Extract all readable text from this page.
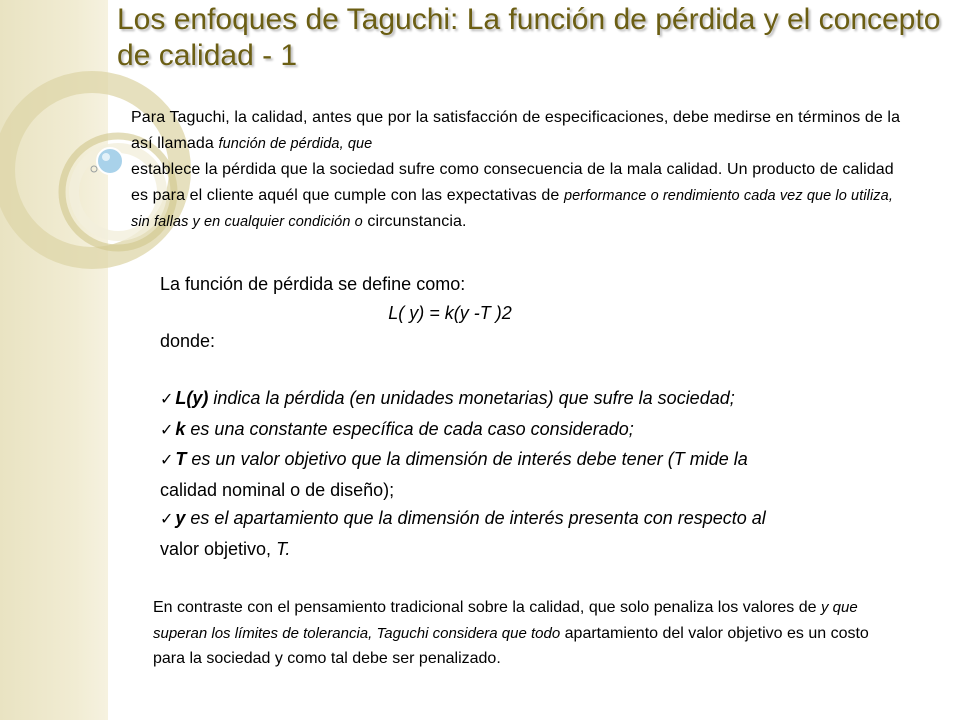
Los enfoques de Taguchi: La función de pérdida y el concepto de calidad - 1
Para Taguchi, la calidad, antes que por la satisfacción de especificaciones, debe medirse en términos de la así llamada función de pérdida, que
establece la pérdida que la sociedad sufre como consecuencia de la mala calidad. Un producto de calidad es para el cliente aquél que cumple con las expectativas de performance o rendimiento cada vez que lo utiliza, sin fallas y en cualquier condición o circunstancia.

La función de pérdida se define como:

L( y) = k(y -T )2

donde:

✓ L(y) indica la pérdida (en unidades monetarias) que sufre la sociedad;

✓ k es una constante específica de cada caso considerado;

✓ T es un valor objetivo que la dimensión de interés debe tener (T mide la
calidad nominal o de diseño);

✓ y es el apartamiento que la dimensión de interés presenta con respecto al
valor objetivo, T.

En contraste con el pensamiento tradicional sobre la calidad, que solo penaliza los valores de y que superan los límites de tolerancia, Taguchi considera que todo apartamiento del valor objetivo es un costo para la sociedad y como tal debe ser penalizado.
